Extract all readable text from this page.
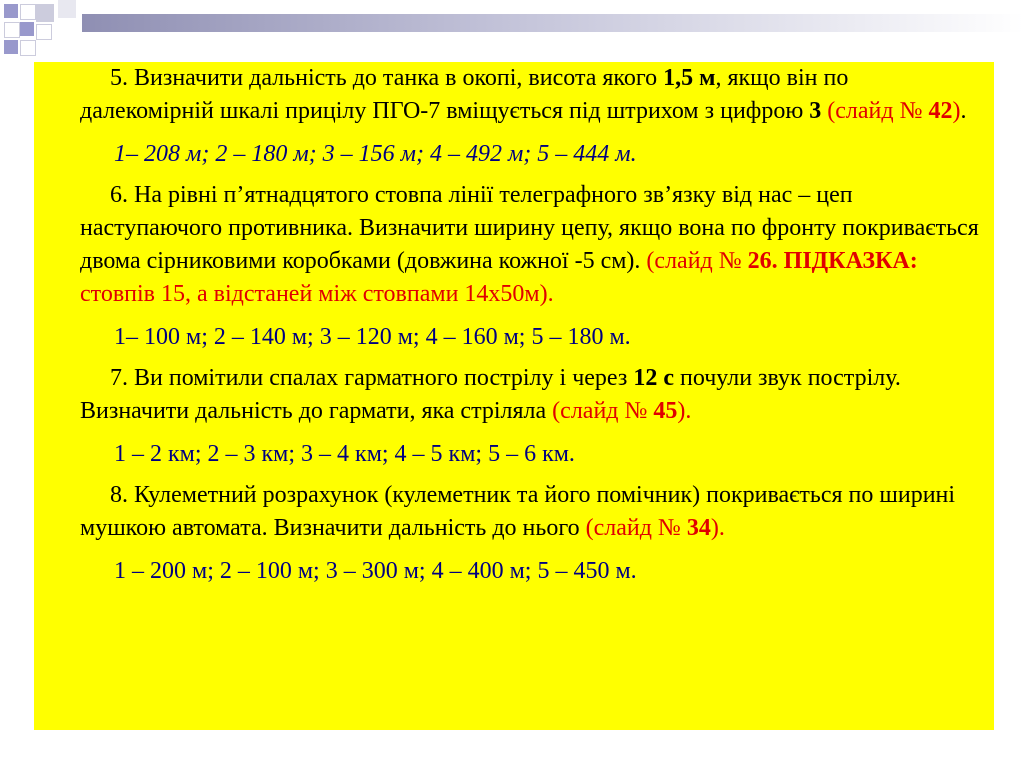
5. Визначити дальність до танка в окопі, висота якого 1,5 м, якщо він по далекомірній шкалі прицілу ПГО-7 вміщується під штрихом з цифрою 3 (слайд № 42).

1– 208 м; 2 – 180 м; 3 – 156 м; 4 – 492 м; 5 – 444 м.

6. На рівні п’ятнадцятого стовпа лінії телеграфного зв’язку від нас – цеп наступаючого противника. Визначити ширину цепу, якщо вона по фронту покривається двома сірниковими коробками (довжина кожної -5 см). (слайд № 26. ПІДКАЗКА: стовпів 15, а відстаней між стовпами 14х50м).

1– 100 м; 2 – 140 м; 3 – 120 м; 4 – 160 м; 5 – 180 м.

7. Ви помітили спалах гарматного пострілу і через 12 с почули звук пострілу. Визначити дальність до гармати, яка стріляла (слайд № 45).

1 – 2 км; 2 – 3 км; 3 – 4 км; 4 – 5 км; 5 – 6 км.

8. Кулеметний розрахунок (кулеметник та його помічник) покривається по ширині мушкою автомата. Визначити дальність до нього (слайд № 34).

1 – 200 м; 2 – 100 м; 3 – 300 м; 4 – 400 м; 5 – 450 м.
